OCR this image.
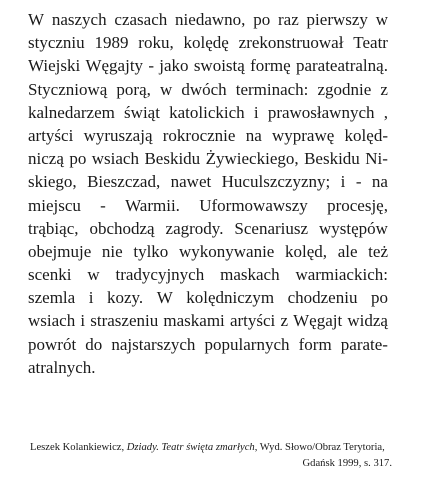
W naszych czasach niedawno, po raz pierwszy w
styczniu 1989 roku, kolędę zrekonstruował Teatr
Wiejski Węgajty - jako swoistą formę parateatralną.
Styczniową porą, w dwóch terminach: zgodnie z
kalnedarzem świąt katolickich i prawosławnych ,
artyści wyruszają rokrocznie na wyprawę kolęd-
niczą po wsiach Beskidu Żywieckiego, Beskidu Ni-
skiego, Bieszczad, nawet Huculszczyzny; i - na
miejscu - Warmii. Uformowawszy procesję,
trąbiąc, obchodzą zagrody. Scenariusz występów
obejmuje nie tylko wykonywanie kolęd, ale też
scenki w tradycyjnych maskach warmiackich:
szemla i kozy. W kolędniczym chodzeniu po
wsiach i straszeniu maskami artyści z Węgajt widzą
powrót do najstarszych popularnych form parate-
atralnych.
Leszek Kolankiewicz, Dziady. Teatr święta zmarłych, Wyd. Słowo/Obraz Terytoria,
Gdańsk 1999, s. 317.
